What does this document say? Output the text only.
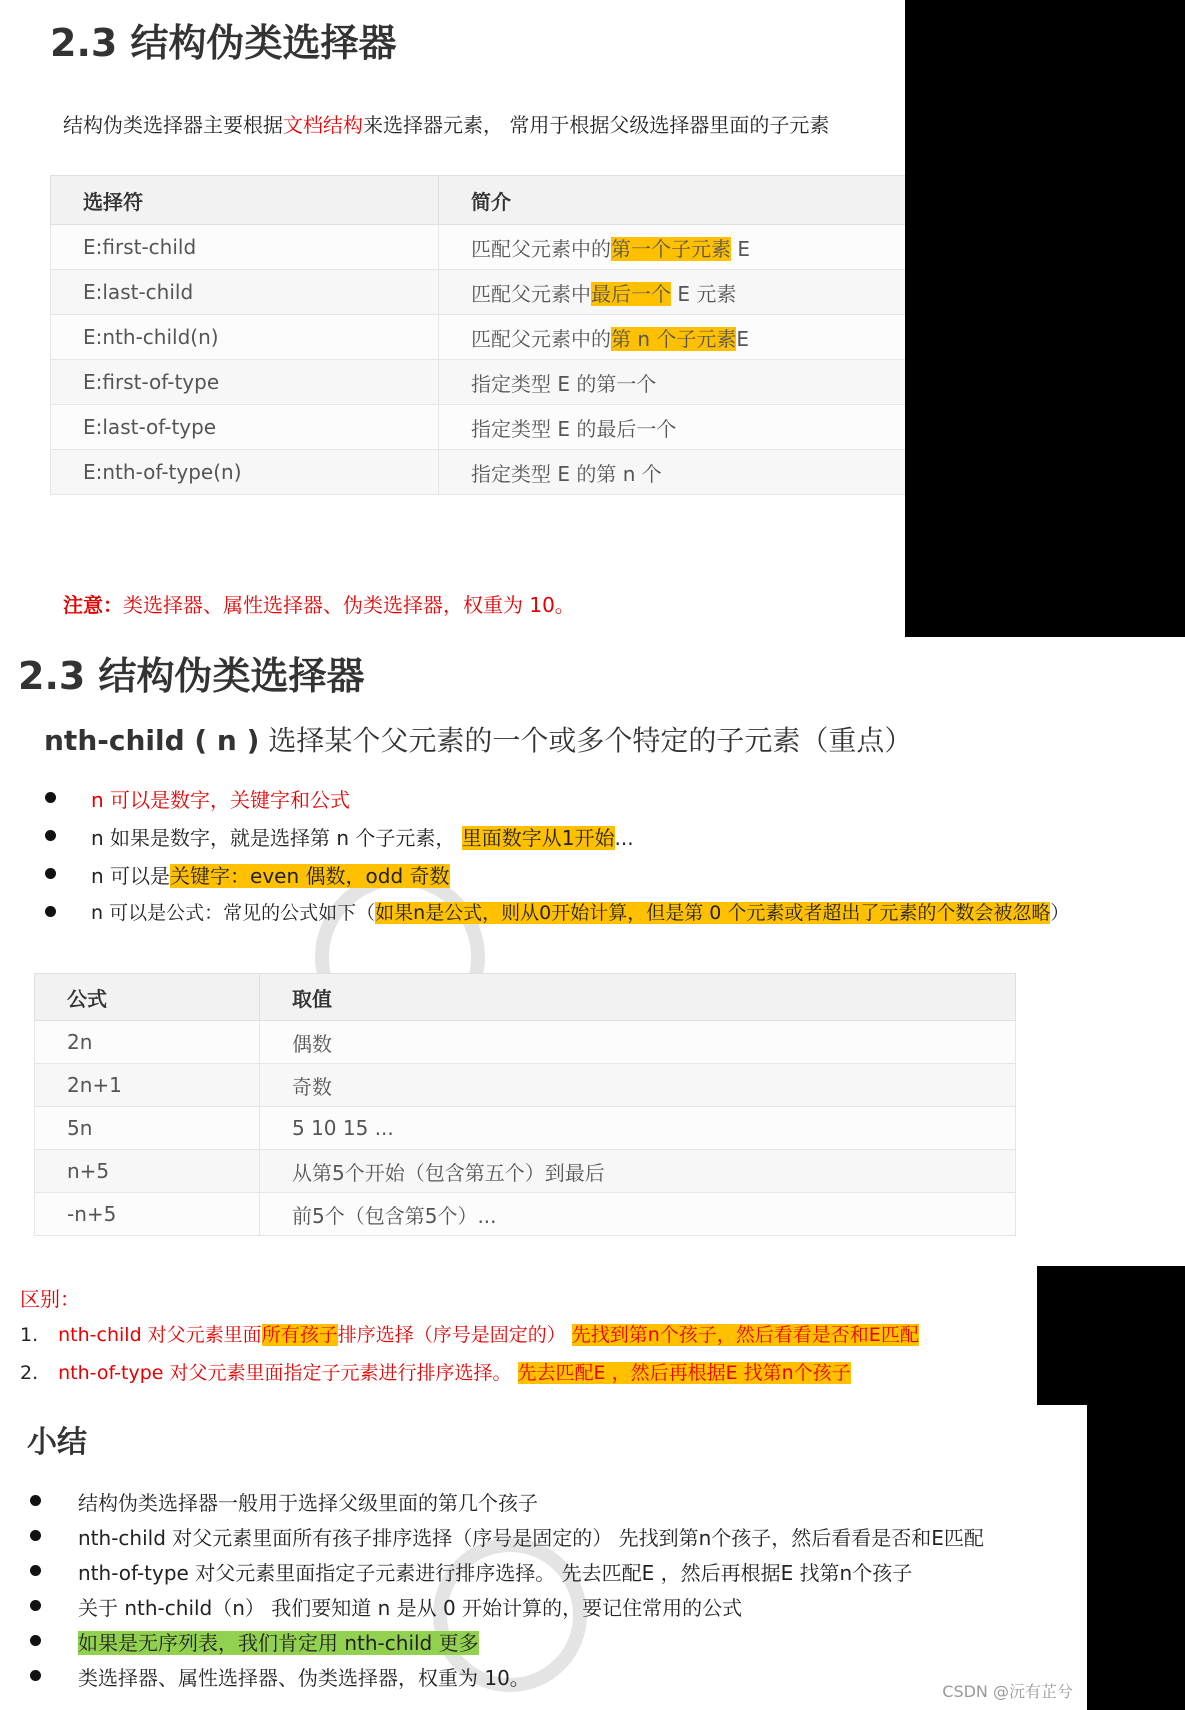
2.3 结构伪类选择器
结构伪类选择器主要根据文档结构来选择器元素， 常用于根据父级选择器里面的子元素
选择符	简介
E:first-child	匹配父元素中的第一个子元素 E
E:last-child	匹配父元素中最后一个 E 元素
E:nth-child(n)	匹配父元素中的第 n 个子元素E
E:first-of-type	指定类型 E 的第一个
E:last-of-type	指定类型 E 的最后一个
E:nth-of-type(n)	指定类型 E 的第 n 个
注意：类选择器、属性选择器、伪类选择器，权重为 10。
2.3 结构伪类选择器
nth-child ( n ) 选择某个父元素的一个或多个特定的子元素（重点）
n 可以是数字，关键字和公式
n 如果是数字，就是选择第 n 个子元素， 里面数字从1开始...
n 可以是关键字：even 偶数，odd 奇数
n 可以是公式：常见的公式如下（如果n是公式，则从0开始计算，但是第 0 个元素或者超出了元素的个数会被忽略）
公式	取值
2n	偶数
2n+1	奇数
5n	5 10 15 ...
n+5	从第5个开始（包含第五个）到最后
-n+5	前5个（包含第5个）...
区别：
1. nth-child 对父元素里面所有孩子排序选择（序号是固定的） 先找到第n个孩子，然后看看是否和E匹配
2. nth-of-type 对父元素里面指定子元素进行排序选择。 先去匹配E ，然后再根据E 找第n个孩子
小结
结构伪类选择器一般用于选择父级里面的第几个孩子
nth-child 对父元素里面所有孩子排序选择（序号是固定的） 先找到第n个孩子，然后看看是否和E匹配
nth-of-type 对父元素里面指定子元素进行排序选择。 先去匹配E ，然后再根据E 找第n个孩子
关于 nth-child（n） 我们要知道 n 是从 0 开始计算的，要记住常用的公式
如果是无序列表，我们肯定用 nth-child 更多
类选择器、属性选择器、伪类选择器，权重为 10。
CSDN @沅有芷兮
